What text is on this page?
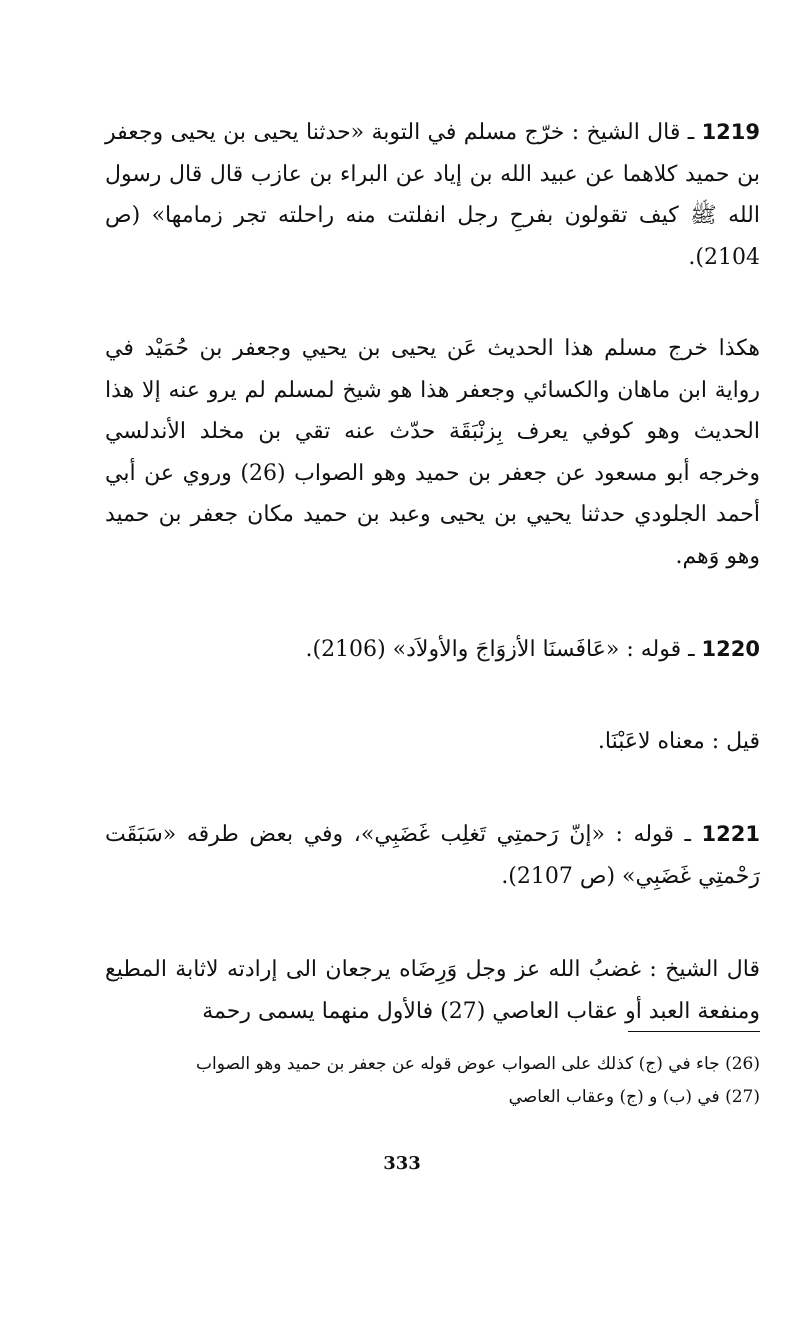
1219 ـ قال الشيخ : خرّج مسلم في التوبة «حدثنا يحيى بن يحيى وجعفر بن حميد كلاهما عن عبيد الله بن إياد عن البراء بن عازب قال قال رسول الله ﷺ كيف تقولون بفرحِ رجل انفلتت منه راحلته تجر زمامها» (ص 2104).

هكذا خرج مسلم هذا الحديث عَن يحيى بن يحيي وجعفر بن حُمَيْد في رواية ابن ماهان والكسائي وجعفر هذا هو شيخ لمسلم لم يرو عنه إلا هذا الحديث وهو كوفي يعرف بِزنْبَقَة حدّث عنه تقي بن مخلد الأندلسي وخرجه أبو مسعود عن جعفر بن حميد وهو الصواب (26) وروي عن أبي أحمد الجلودي حدثنا يحيي بن يحيى وعبد بن حميد مكان جعفر بن حميد وهو وَهم.

1220 ـ قوله : «عَافَسنَا الأزوَاجَ والأولاَد» (2106).

قيل : معناه لاعَبْنَا.

1221 ـ قوله : «إنّ رَحمتِي تَغلِب غَضَبِي»، وفي بعض طرقه «سَبَقَت رَحْمتِي غَضَبِي» (ص 2107).

قال الشيخ : غضبُ الله عز وجل وَرِضَاه يرجعان الى إرادته لاثابة المطيع ومنفعة العبد أو عقاب العاصي (27) فالأول منهما يسمى رحمة

(26) جاء في (ج) كذلك على الصواب عوض قوله عن جعفر بن حميد وهو الصواب

(27) في (ب) و (ج) وعقاب العاصي

333
